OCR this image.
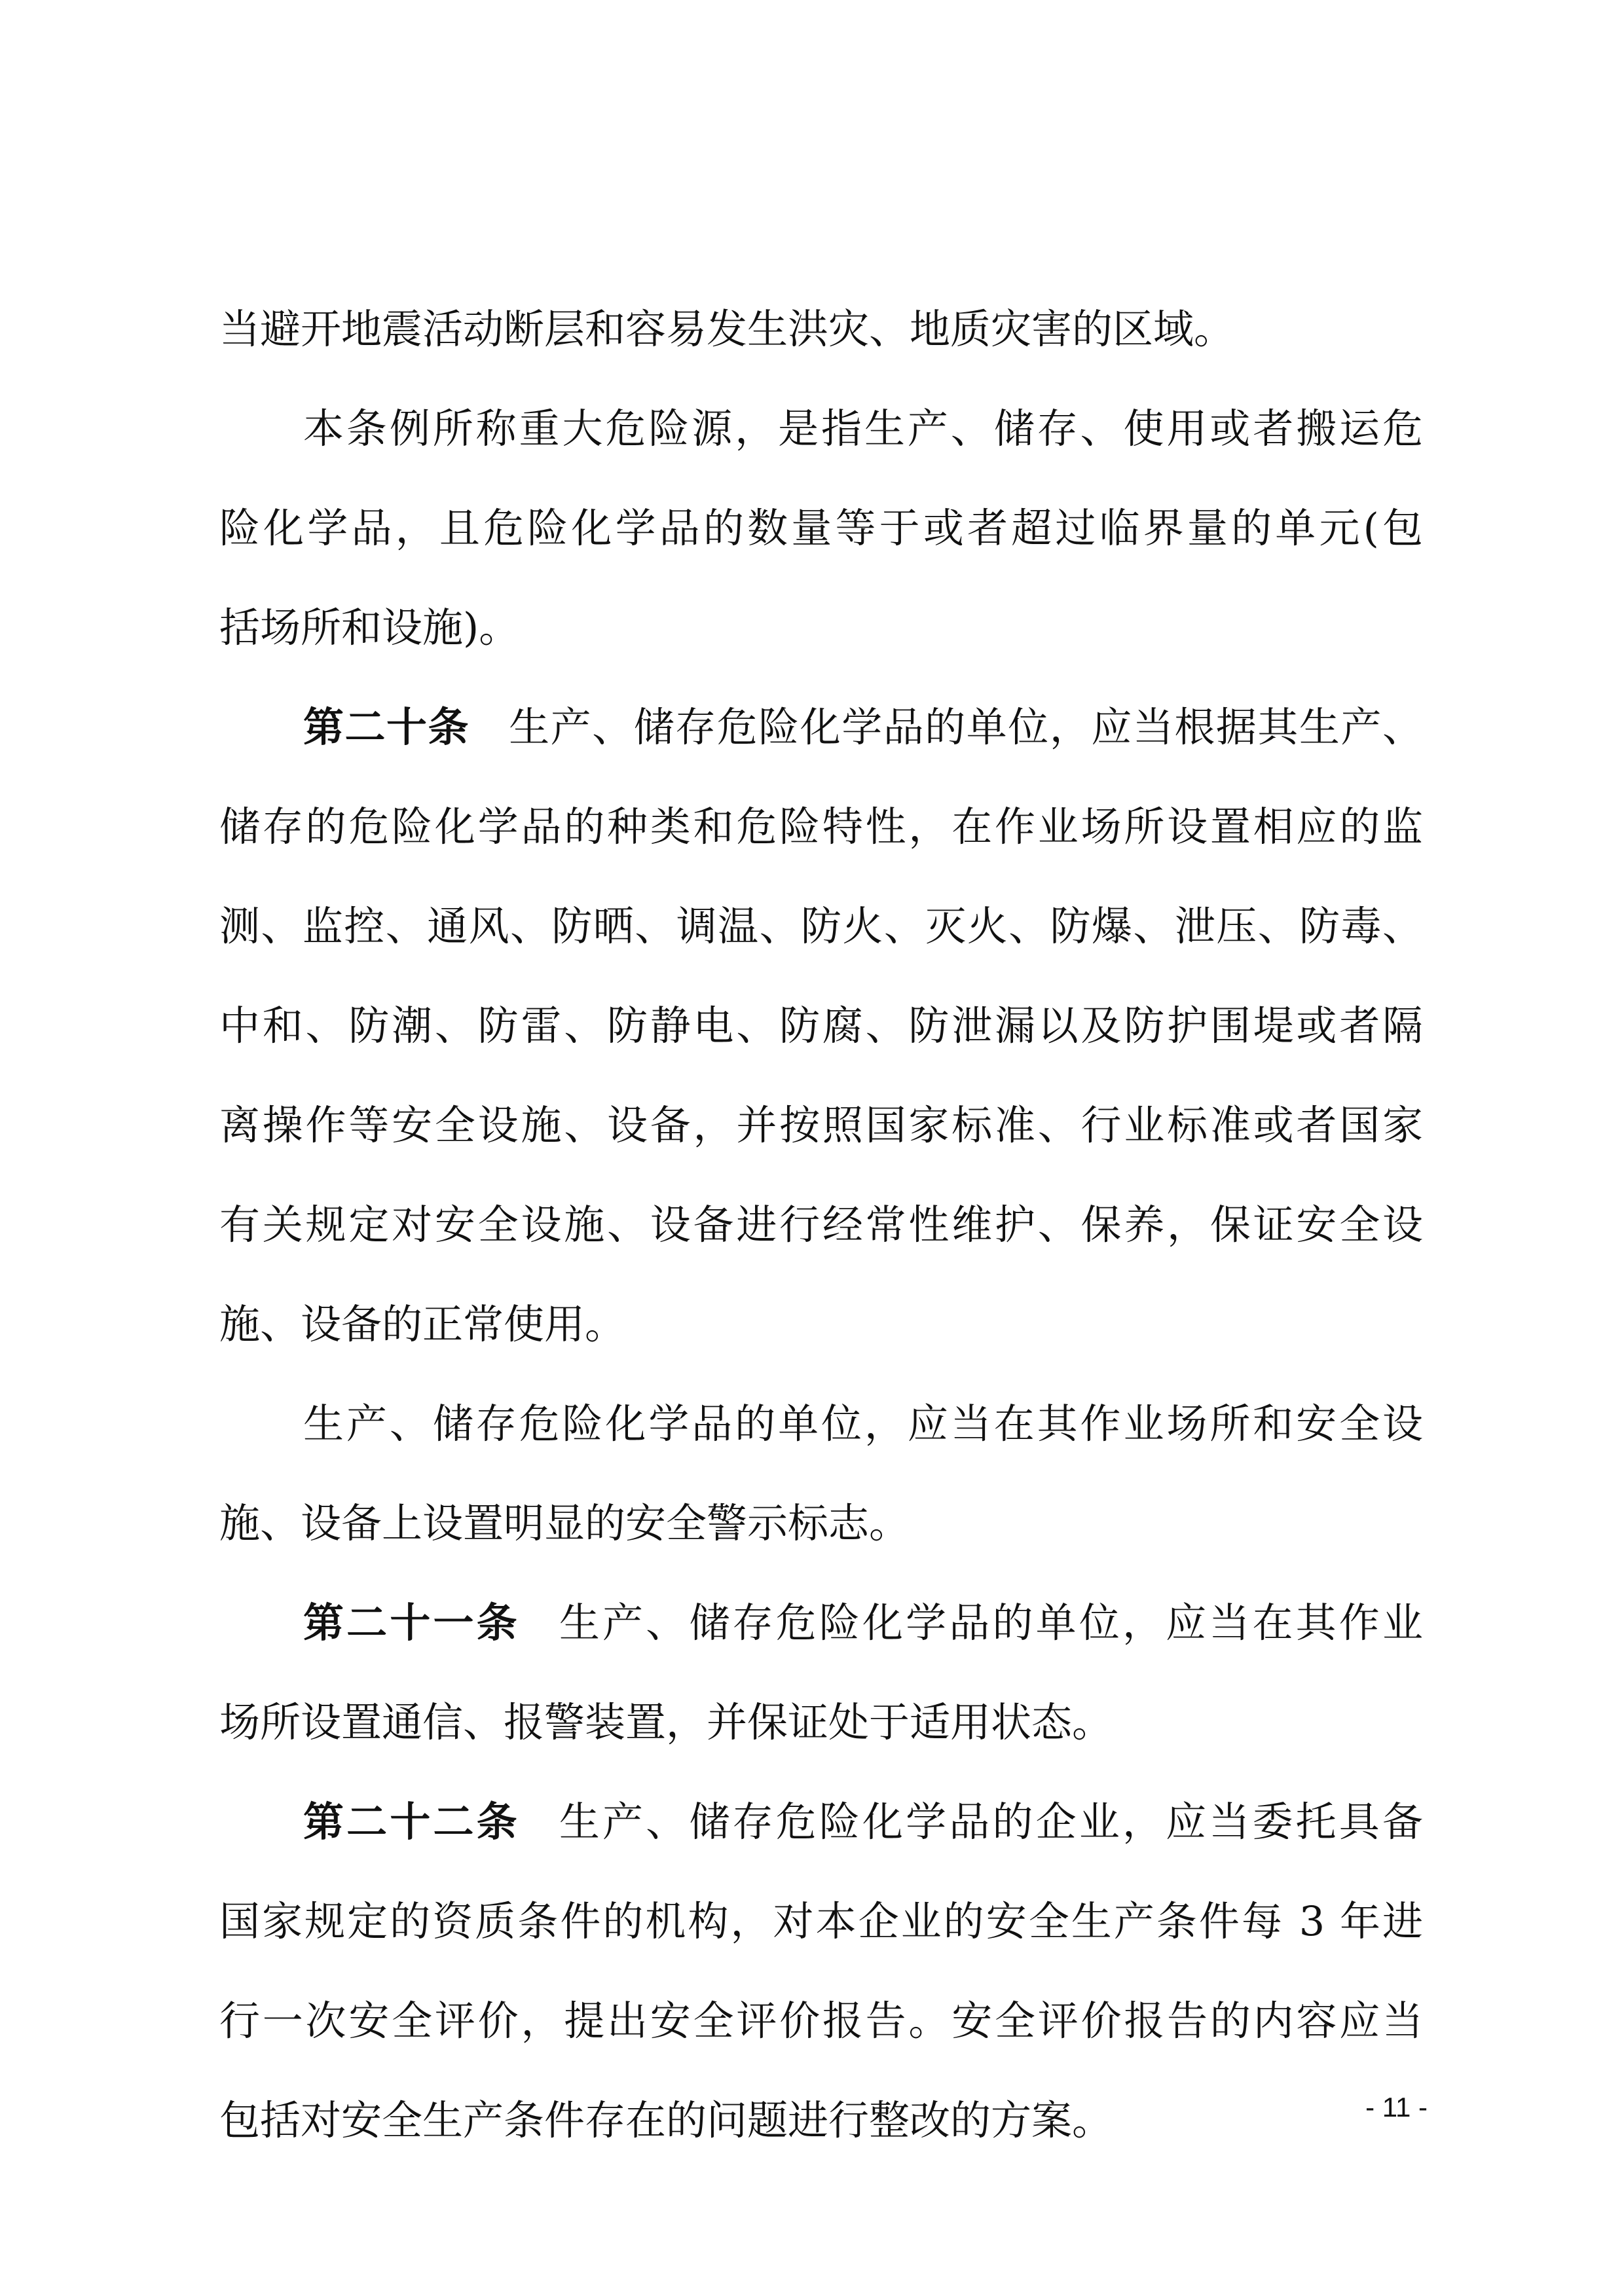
当避开地震活动断层和容易发生洪灾、地质灾害的区域。
本条例所称重大危险源，是指生产、储存、使用或者搬运危
险化学品，且危险化学品的数量等于或者超过临界量的单元(包
括场所和设施)。
第二十条 生产、储存危险化学品的单位，应当根据其生产、
储存的危险化学品的种类和危险特性，在作业场所设置相应的监
测、监控、通风、防晒、调温、防火、灭火、防爆、泄压、防毒、
中和、防潮、防雷、防静电、防腐、防泄漏以及防护围堤或者隔
离操作等安全设施、设备，并按照国家标准、行业标准或者国家
有关规定对安全设施、设备进行经常性维护、保养，保证安全设
施、设备的正常使用。
生产、储存危险化学品的单位，应当在其作业场所和安全设
施、设备上设置明显的安全警示标志。
第二十一条 生产、储存危险化学品的单位，应当在其作业
场所设置通信、报警装置，并保证处于适用状态。
第二十二条 生产、储存危险化学品的企业，应当委托具备
国家规定的资质条件的机构，对本企业的安全生产条件每 3 年进
行一次安全评价，提出安全评价报告。安全评价报告的内容应当
包括对安全生产条件存在的问题进行整改的方案。	- 11 -
